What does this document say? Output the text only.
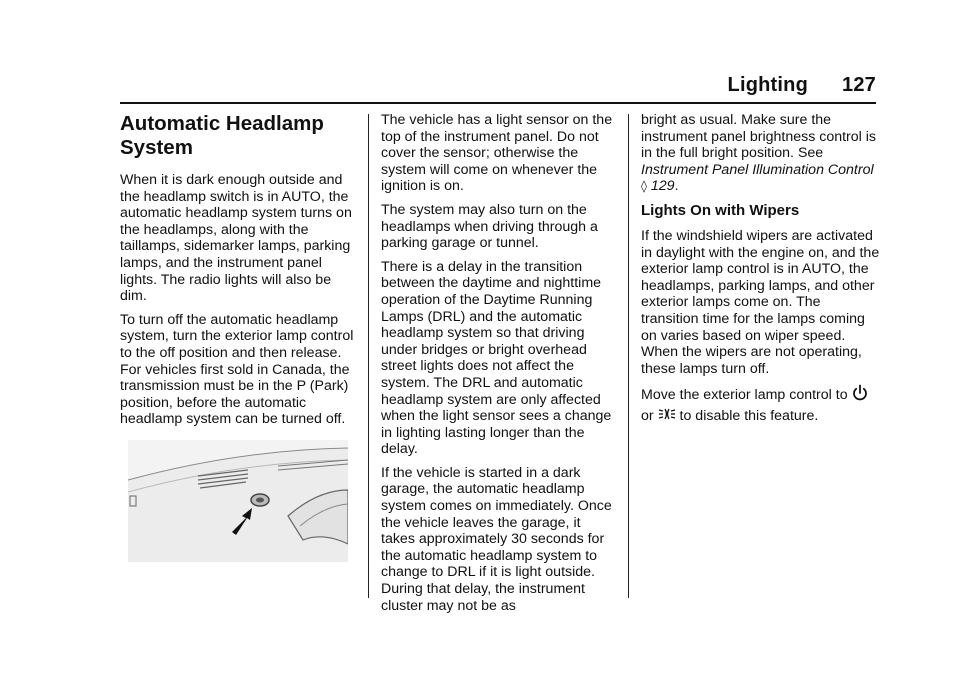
Lighting 127
Automatic Headlamp System

When it is dark enough outside and the headlamp switch is in AUTO, the automatic headlamp system turns on the headlamps, along with the taillamps, sidemarker lamps, parking lamps, and the instrument panel lights. The radio lights will also be dim.

To turn off the automatic headlamp system, turn the exterior lamp control to the off position and then release. For vehicles first sold in Canada, the transmission must be in the P (Park) position, before the automatic headlamp system can be turned off.

The vehicle has a light sensor on the top of the instrument panel. Do not cover the sensor; otherwise the system will come on whenever the ignition is on.

The system may also turn on the headlamps when driving through a parking garage or tunnel.

There is a delay in the transition between the daytime and nighttime operation of the Daytime Running Lamps (DRL) and the automatic headlamp system so that driving under bridges or bright overhead street lights does not affect the system. The DRL and automatic headlamp system are only affected when the light sensor sees a change in lighting lasting longer than the delay.

If the vehicle is started in a dark garage, the automatic headlamp system comes on immediately. Once the vehicle leaves the garage, it takes approximately 30 seconds for the automatic headlamp system to change to DRL if it is light outside. During that delay, the instrument cluster may not be as

bright as usual. Make sure the instrument panel brightness control is in the full bright position. See Instrument Panel Illumination Control ◊ 129.

Lights On with Wipers

If the windshield wipers are activated in daylight with the engine on, and the exterior lamp control is in AUTO, the headlamps, parking lamps, and other exterior lamps come on. The transition time for the lamps coming on varies based on wiper speed. When the wipers are not operating, these lamps turn off.

Move the exterior lamp control to
or to disable this feature.
